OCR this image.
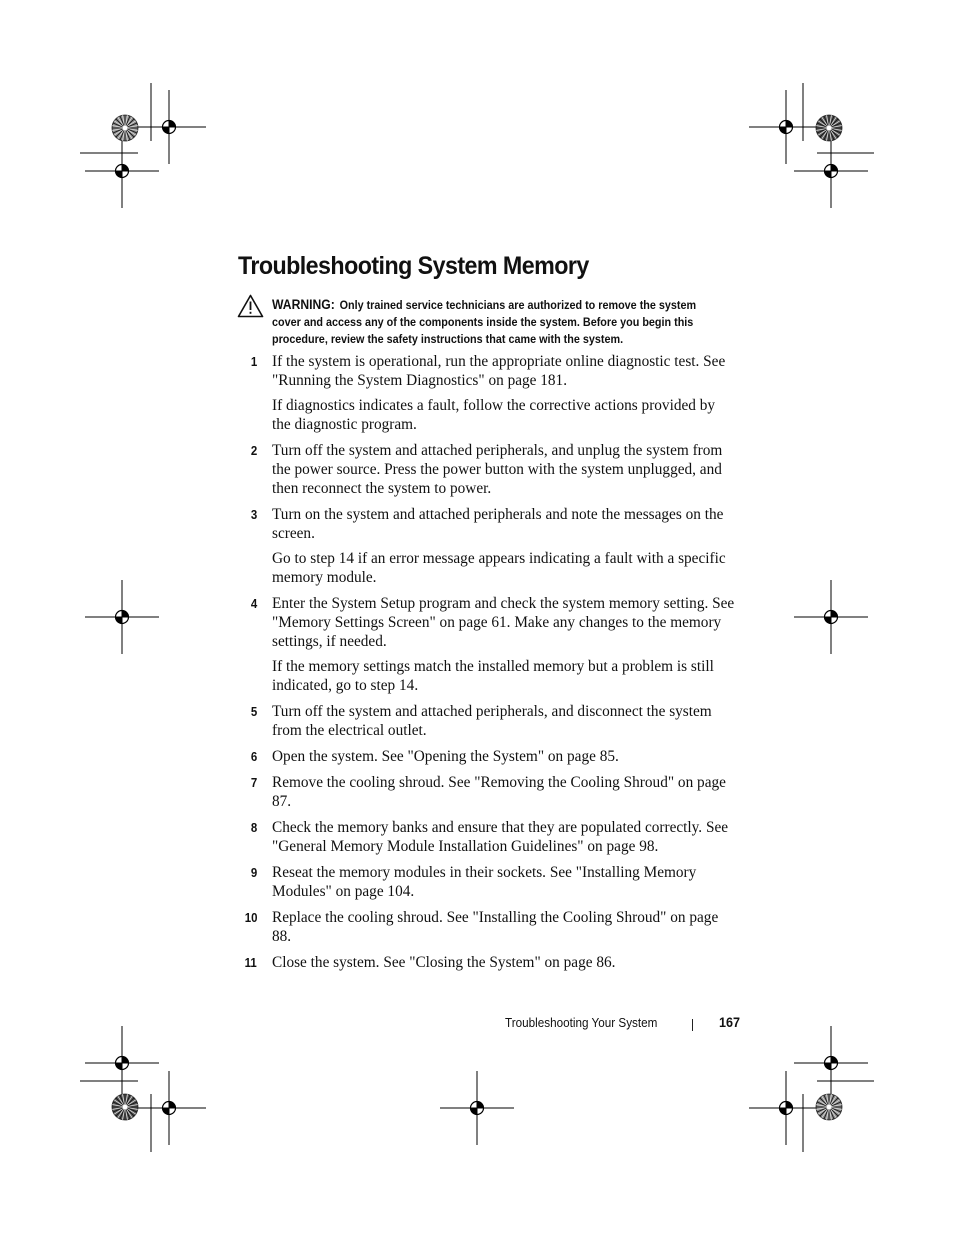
Troubleshooting System Memory
WARNING: Only trained service technicians are authorized to remove the system cover and access any of the components inside the system. Before you begin this procedure, review the safety instructions that came with the system.
1 If the system is operational, run the appropriate online diagnostic test. See "Running the System Diagnostics" on page 181.

If diagnostics indicates a fault, follow the corrective actions provided by the diagnostic program.

2 Turn off the system and attached peripherals, and unplug the system from the power source. Press the power button with the system unplugged, and then reconnect the system to power.

3 Turn on the system and attached peripherals and note the messages on the screen.

Go to step 14 if an error message appears indicating a fault with a specific memory module.

4 Enter the System Setup program and check the system memory setting. See "Memory Settings Screen" on page 61. Make any changes to the memory settings, if needed.

If the memory settings match the installed memory but a problem is still indicated, go to step 14.

5 Turn off the system and attached peripherals, and disconnect the system from the electrical outlet.

6 Open the system. See "Opening the System" on page 85.

7 Remove the cooling shroud. See "Removing the Cooling Shroud" on page 87.

8 Check the memory banks and ensure that they are populated correctly. See "General Memory Module Installation Guidelines" on page 98.

9 Reseat the memory modules in their sockets. See "Installing Memory Modules" on page 104.

10 Replace the cooling shroud. See "Installing the Cooling Shroud" on page 88.

11 Close the system. See "Closing the System" on page 86.

Troubleshooting Your System	167
